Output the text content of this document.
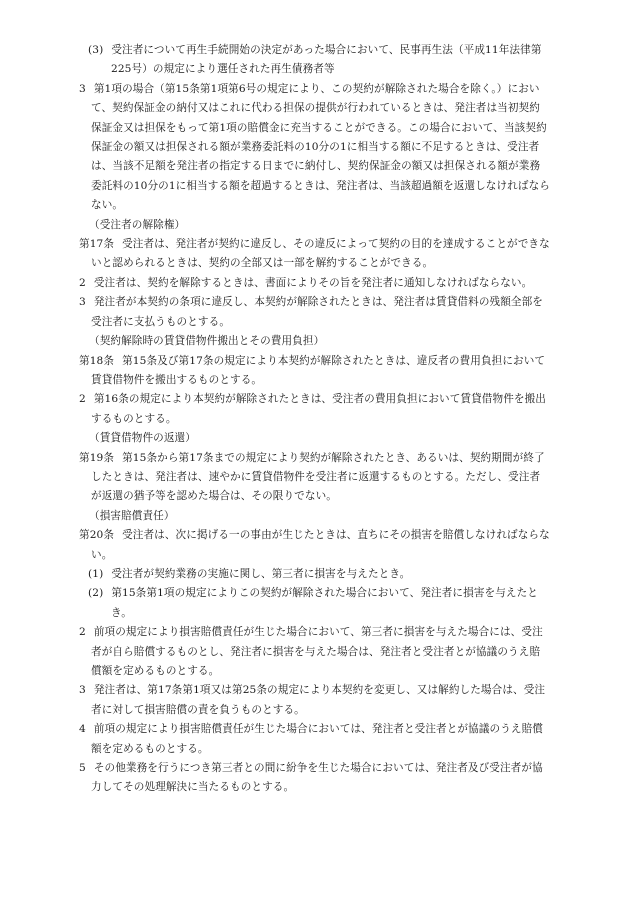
(3) 受注者について再生手続開始の決定があった場合において、民事再生法（平成11年法律第225号）の規定により選任された再生債務者等

3 第1項の場合（第15条第1項第6号の規定により、この契約が解除された場合を除く。）において、契約保証金の納付又はこれに代わる担保の提供が行われているときは、発注者は当初契約保証金又は担保をもって第1項の賠償金に充当することができる。この場合において、当該契約保証金の額又は担保される額が業務委託料の10分の1に相当する額に不足するときは、受注者は、当該不足額を発注者の指定する日までに納付し、契約保証金の額又は担保される額が業務委託料の10分の1に相当する額を超過するときは、発注者は、当該超過額を返還しなければならない。

（受注者の解除権）

第17条 受注者は、発注者が契約に違反し、その違反によって契約の目的を達成することができないと認められるときは、契約の全部又は一部を解約することができる。

2 受注者は、契約を解除するときは、書面によりその旨を発注者に通知しなければならない。

3 発注者が本契約の条項に違反し、本契約が解除されたときは、発注者は賃貸借料の残額全部を受注者に支払うものとする。

（契約解除時の賃貸借物件搬出とその費用負担）

第18条 第15条及び第17条の規定により本契約が解除されたときは、違反者の費用負担において賃貸借物件を搬出するものとする。

2 第16条の規定により本契約が解除されたときは、受注者の費用負担において賃貸借物件を搬出するものとする。

（賃貸借物件の返還）

第19条 第15条から第17条までの規定により契約が解除されたとき、あるいは、契約期間が終了したときは、発注者は、速やかに賃貸借物件を受注者に返還するものとする。ただし、受注者が返還の猶予等を認めた場合は、その限りでない。

（損害賠償責任）

第20条 受注者は、次に掲げる一の事由が生じたときは、直ちにその損害を賠償しなければならない。

(1) 受注者が契約業務の実施に関し、第三者に損害を与えたとき。

(2) 第15条第1項の規定によりこの契約が解除された場合において、発注者に損害を与えたとき。

2 前項の規定により損害賠償責任が生じた場合において、第三者に損害を与えた場合には、受注者が自ら賠償するものとし、発注者に損害を与えた場合は、発注者と受注者とが協議のうえ賠償額を定めるものとする。

3 発注者は、第17条第1項又は第25条の規定により本契約を変更し、又は解約した場合は、受注者に対して損害賠償の責を負うものとする。

4 前項の規定により損害賠償責任が生じた場合においては、発注者と受注者とが協議のうえ賠償額を定めるものとする。

5 その他業務を行うにつき第三者との間に紛争を生じた場合においては、発注者及び受注者が協力してその処理解決に当たるものとする。
